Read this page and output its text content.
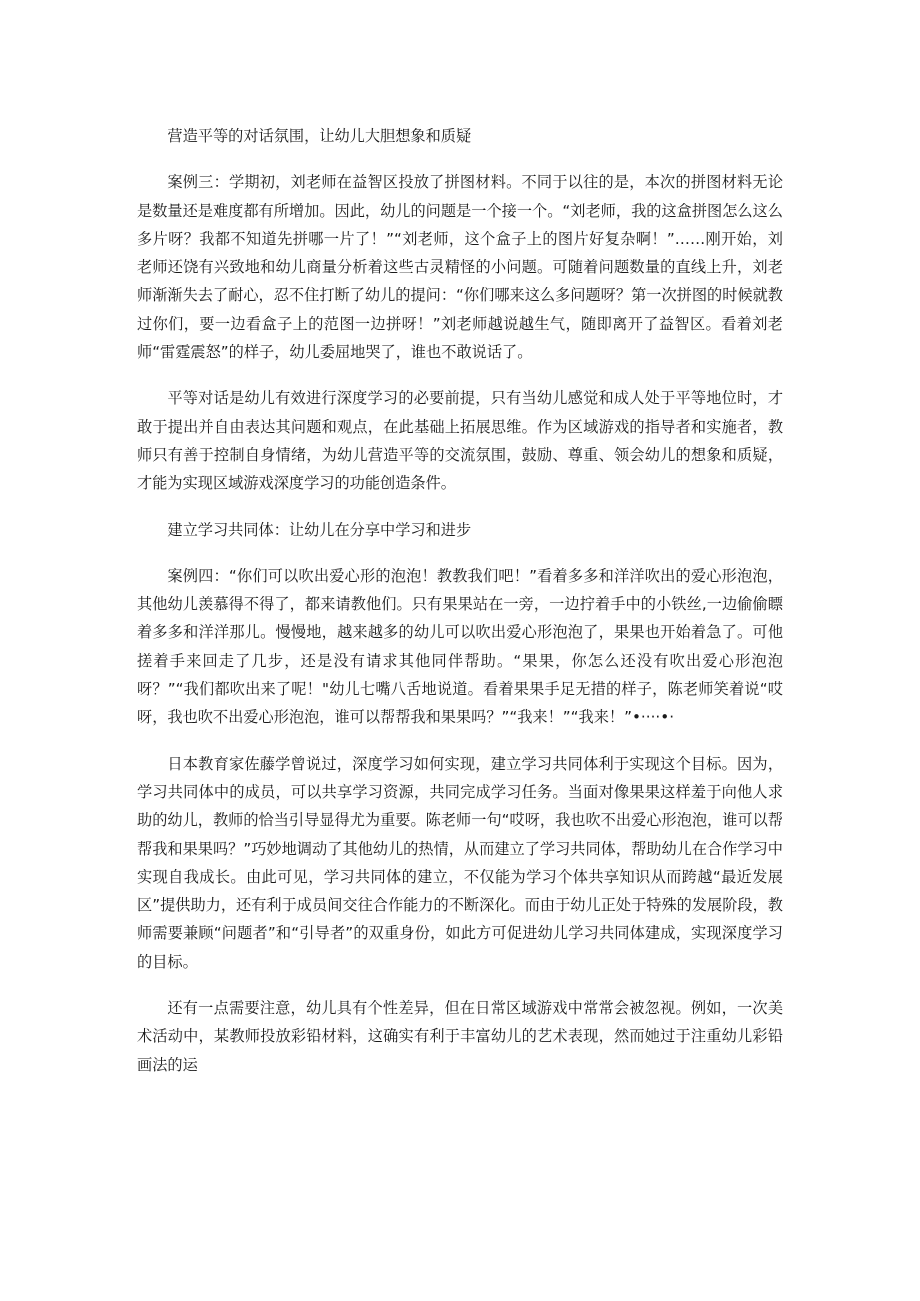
营造平等的对话氛围，让幼儿大胆想象和质疑

案例三：学期初，刘老师在益智区投放了拼图材料。不同于以往的是，本次的拼图材料无论是数量还是难度都有所增加。因此，幼儿的问题是一个接一个。“刘老师，我的这盒拼图怎么这么多片呀？我都不知道先拼哪一片了！”“刘老师，这个盒子上的图片好复杂啊！”……刚开始，刘老师还饶有兴致地和幼儿商量分析着这些古灵精怪的小问题。可随着问题数量的直线上升，刘老师渐渐失去了耐心，忍不住打断了幼儿的提问：“你们哪来这么多问题呀？第一次拼图的时候就教过你们，要一边看盒子上的范图一边拼呀！”刘老师越说越生气，随即离开了益智区。看着刘老师“雷霆震怒”的样子，幼儿委屈地哭了，谁也不敢说话了。

平等对话是幼儿有效进行深度学习的必要前提，只有当幼儿感觉和成人处于平等地位时，才敢于提出并自由表达其问题和观点，在此基础上拓展思维。作为区域游戏的指导者和实施者，教师只有善于控制自身情绪，为幼儿营造平等的交流氛围，鼓励、尊重、领会幼儿的想象和质疑，才能为实现区域游戏深度学习的功能创造条件。

建立学习共同体：让幼儿在分享中学习和进步

案例四：“你们可以吹出爱心形的泡泡！教教我们吧！”看着多多和洋洋吹出的爱心形泡泡，其他幼儿羡慕得不得了，都来请教他们。只有果果站在一旁，一边拧着手中的小铁丝,一边偷偷瞟着多多和洋洋那儿。慢慢地，越来越多的幼儿可以吹出爱心形泡泡了，果果也开始着急了。可他搓着手来回走了几步，还是没有请求其他同伴帮助。“果果，你怎么还没有吹出爱心形泡泡呀？”“我们都吹出来了呢！"幼儿七嘴八舌地说道。看着果果手足无措的样子，陈老师笑着说“哎呀，我也吹不出爱心形泡泡，谁可以帮帮我和果果吗？”“我来！”“我来！”•····•·

日本教育家佐藤学曾说过，深度学习如何实现，建立学习共同体利于实现这个目标。因为，学习共同体中的成员，可以共享学习资源，共同完成学习任务。当面对像果果这样羞于向他人求助的幼儿，教师的恰当引导显得尤为重要。陈老师一句“哎呀，我也吹不出爱心形泡泡，谁可以帮帮我和果果吗？”巧妙地调动了其他幼儿的热情，从而建立了学习共同体，帮助幼儿在合作学习中实现自我成长。由此可见，学习共同体的建立，不仅能为学习个体共享知识从而跨越“最近发展区”提供助力，还有利于成员间交往合作能力的不断深化。而由于幼儿正处于特殊的发展阶段，教师需要兼顾“问题者”和“引导者”的双重身份，如此方可促进幼儿学习共同体建成，实现深度学习的目标。

还有一点需要注意，幼儿具有个性差异，但在日常区域游戏中常常会被忽视。例如，一次美术活动中，某教师投放彩铅材料，这确实有利于丰富幼儿的艺术表现，然而她过于注重幼儿彩铅画法的运
